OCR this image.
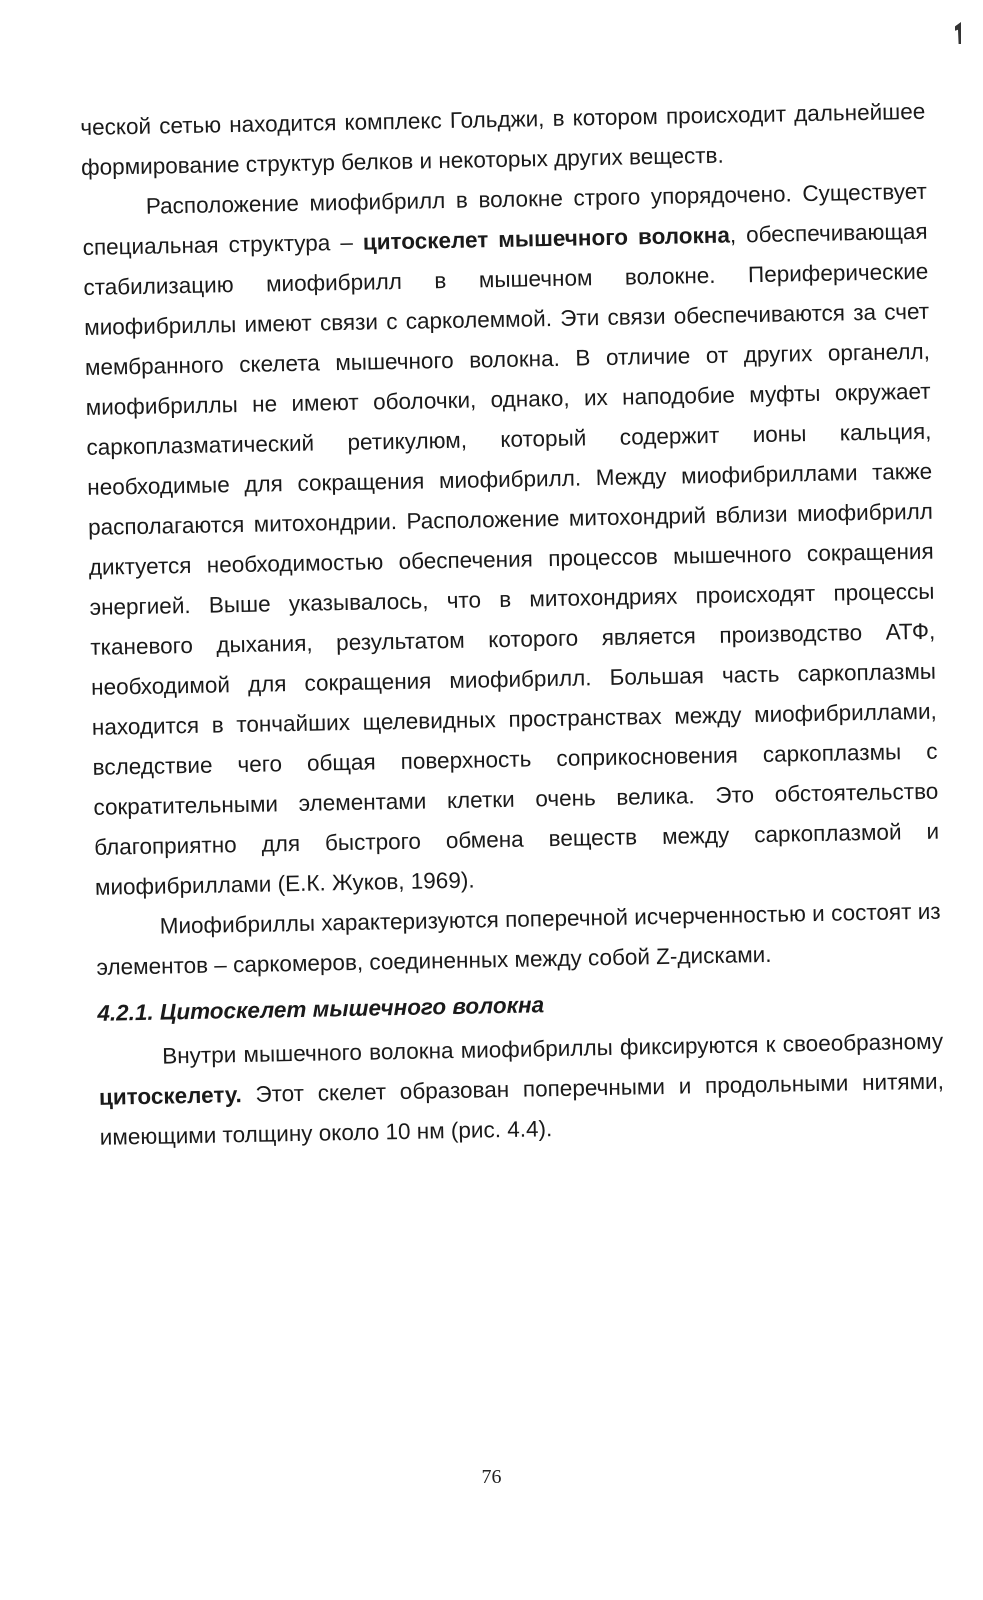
ческой сетью находится комплекс Гольджи, в котором происходит дальнейшее формирование структур белков и некоторых других веществ.

Расположение миофибрилл в волокне строго упорядочено. Существует специальная структура – цитоскелет мышечного волокна, обеспечивающая стабилизацию миофибрилл в мышечном волокне. Периферические миофибриллы имеют связи с сарколеммой. Эти связи обеспечиваются за счет мембранного скелета мышечного волокна. В отличие от других органелл, миофибриллы не имеют оболочки, однако, их наподобие муфты окружает саркоплазматический ретикулюм, который содержит ионы кальция, необходимые для сокращения миофибрилл. Между миофибриллами также располагаются митохондрии. Расположение митохондрий вблизи миофибрилл диктуется необходимостью обеспечения процессов мышечного сокращения энергией. Выше указывалось, что в митохондриях происходят процессы тканевого дыхания, результатом которого является производство АТФ, необходимой для сокращения миофибрилл. Большая часть саркоплазмы находится в тончайших щелевидных пространствах между миофибриллами, вследствие чего общая поверхность соприкосновения саркоплазмы с сократительными элементами клетки очень велика. Это обстоятельство благоприятно для быстрого обмена веществ между саркоплазмой и миофибриллами (Е.К. Жуков, 1969).

Миофибриллы характеризуются поперечной исчерченностью и состоят из элементов – саркомеров, соединенных между собой Z-дисками.

4.2.1. Цитоскелет мышечного волокна

Внутри мышечного волокна миофибриллы фиксируются к своеобразному цитоскелету. Этот скелет образован поперечными и продольными нитями, имеющими толщину около 10 нм (рис. 4.4).

76
